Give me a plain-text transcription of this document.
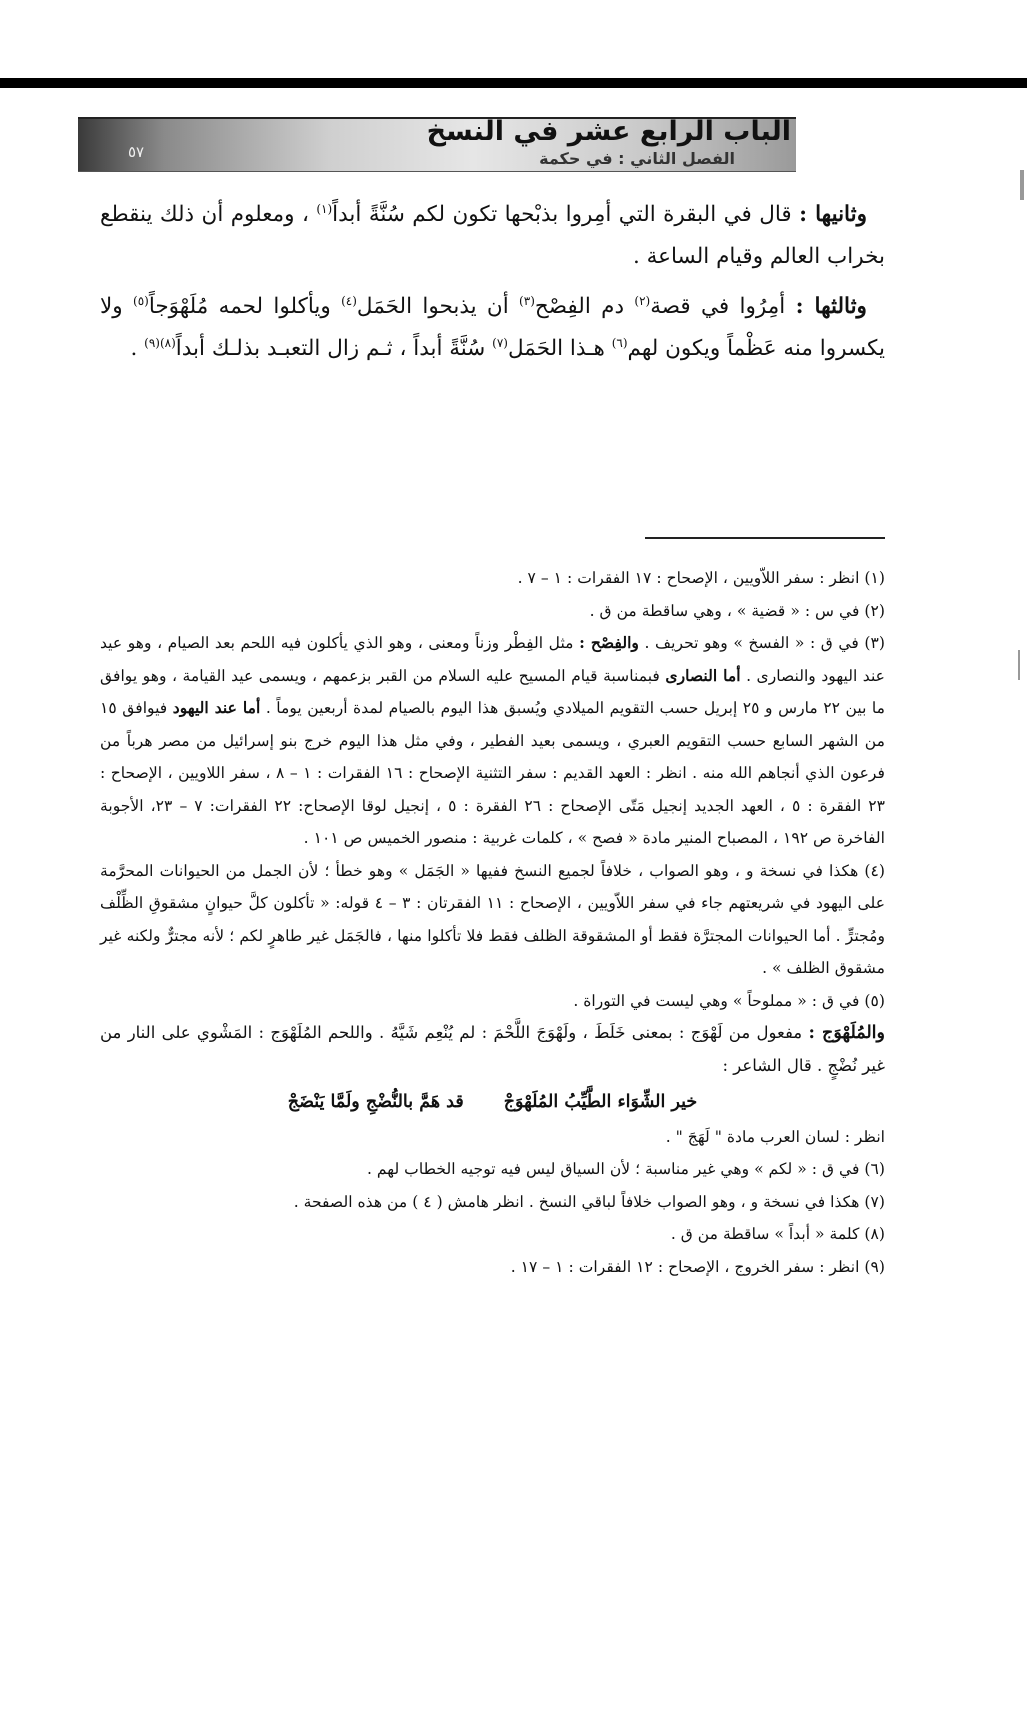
٥٧
الباب الرابع عشر في النسخ
الفصل الثاني : في حكمة

وثانيها : قال في البقرة التي أمِروا بذبْحها تكون لكم سُنَّةً أبداً$^{(١)}$ ، ومعلوم أن ذلك ينقطع بخراب العالم وقيام الساعة .

وثالثها : أمِرُوا في قصة$^{(٢)}$ دم الفِصْح$^{(٣)}$ أن يذبحوا الحَمَل$^{(٤)}$ ويأكلوا لحمه مُلَهْوَجاً$^{(٥)}$ ولا يكسروا منه عَظْماً ويكون لهم$^{(٦)}$ هـذا الحَمَل$^{(٧)}$ سُنَّةً أبداً ، ثـم زال التعبـد بذلـك أبداً$^{(٨)(٩)}$ .

(١) انظر : سفر اللاّويين ، الإصحاح : ١٧ الفقرات : ١ – ٧ .

(٢) في س : « قضية » ، وهي ساقطة من ق .

(٣) في ق : « الفسخ » وهو تحريف . والفِصْح : مثل الفِطْر وزناً ومعنى ، وهو الذي يأكلون فيه اللحم بعد الصيام ، وهو عيد عند اليهود والنصارى . أما النصارى فبمناسبة قيام المسيح عليه السلام من القبر بزعمهم ، ويسمى عيد القيامة ، وهو يوافق ما بين ٢٢ مارس و ٢٥ إبريل حسب التقويم الميلادي ويُسبق هذا اليوم بالصيام لمدة أربعين يوماً . أما عند اليهود فيوافق ١٥ من الشهر السابع حسب التقويم العبري ، ويسمى بعيد الفطير ، وفي مثل هذا اليوم خرج بنو إسرائيل من مصر هرباً من فرعون الذي أنجاهم الله منه . انظر : العهد القديم : سفر التثنية الإصحاح : ١٦ الفقرات : ١ – ٨ ، سفر اللاويين ، الإصحاح : ٢٣ الفقرة : ٥ ، العهد الجديد إنجيل مَتّى الإصحاح : ٢٦ الفقرة : ٥ ، إنجيل لوقا الإصحاح: ٢٢ الفقرات: ٧ – ٢٣، الأجوبة الفاخرة ص ١٩٢ ، المصباح المنير مادة « فصح » ، كلمات غربية : منصور الخميس ص ١٠١ .

(٤) هكذا في نسخة و ، وهو الصواب ، خلافاً لجميع النسخ ففيها « الجَمَل » وهو خطأ ؛ لأن الجمل من الحيوانات المحرَّمة على اليهود في شريعتهم جاء في سفر اللاّويين ، الإصحاح : ١١ الفقرتان : ٣ – ٤ قوله: « تأكلون كلَّ حيوانٍ مشقوقِ الظِّلْف ومُجترٍّ . أما الحيوانات المجترَّة فقط أو المشقوقة الظلف فقط فلا تأكلوا منها ، فالجَمَل غير طاهرٍ لكم ؛ لأنه مجترٌّ ولكنه غير مشقوق الظلف » .

(٥) في ق : « مملوحاً » وهي ليست في التوراة .

والمُلَهْوَج : مفعول من لَهْوَج : بمعنى خَلَطَ ، ولَهْوَجَ اللَّحْمَ : لم يُنْعِم شَيَّهُ . واللحم المُلَهْوَج : المَشْوي على النار من غير نُضْجٍ . قال الشاعر :

خير الشِّوَاء الطَّيِّبُ المُلَهْوَجْ
قد هَمَّ بالنُّضْجِ ولَمَّا يَنْضَجْ

انظر : لسان العرب مادة " لَهَجَ " .

(٦) في ق : « لكم » وهي غير مناسبة ؛ لأن السياق ليس فيه توجيه الخطاب لهم .

(٧) هكذا في نسخة و ، وهو الصواب خلافاً لباقي النسخ . انظر هامش ( ٤ ) من هذه الصفحة .

(٨) كلمة « أبداً » ساقطة من ق .

(٩) انظر : سفر الخروج ، الإصحاح : ١٢ الفقرات : ١ – ١٧ .
